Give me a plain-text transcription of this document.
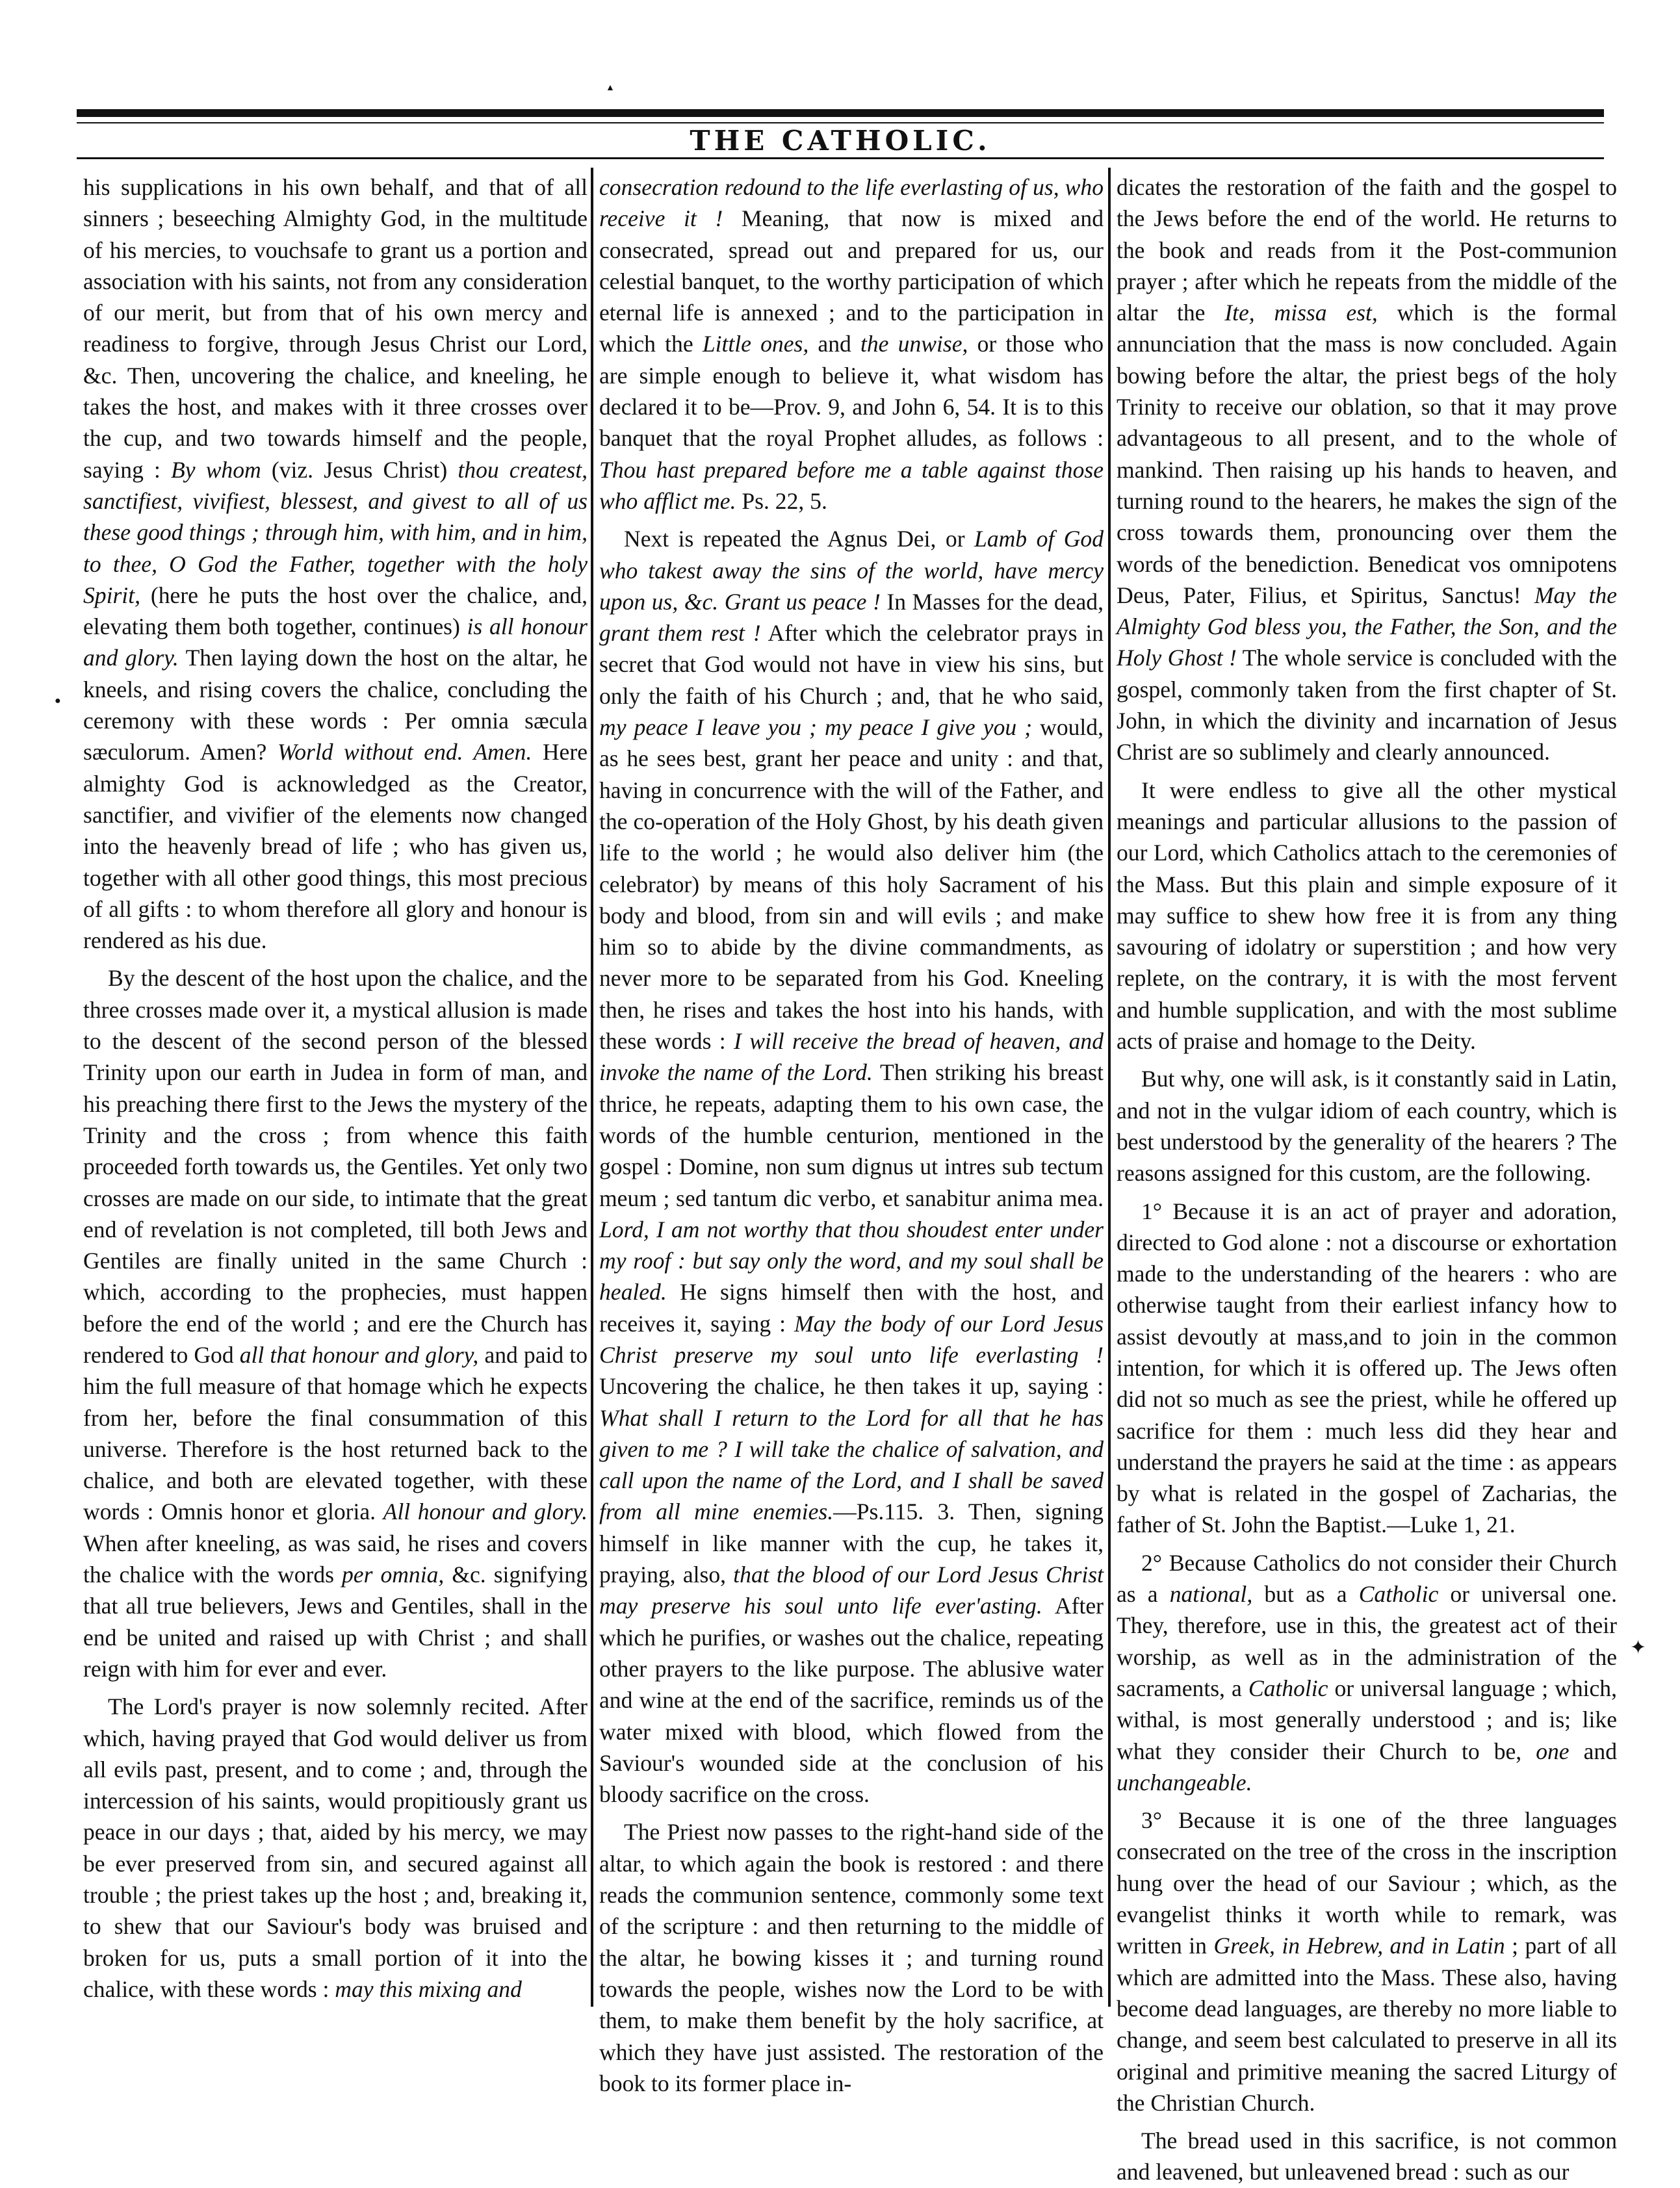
THE CATHOLIC.

his supplications in his own behalf, and that of all sinners ; beseeching Almighty God, in the multitude of his mercies, to vouchsafe to grant us a portion and association with his saints, not from any consideration of our merit, but from that of his own mercy and readiness to forgive, through Jesus Christ our Lord, &c. Then, uncovering the chalice, and kneeling, he takes the host, and makes with it three crosses over the cup, and two towards himself and the people, saying : By whom (viz. Jesus Christ) thou createst, sanctifiest, vivifiest, blessest, and givest to all of us these good things ; through him, with him, and in him, to thee, O God the Father, together with the holy Spirit, (here he puts the host over the chalice, and, elevating them both together, continues) is all honour and glory. Then laying down the host on the altar, he kneels, and rising covers the chalice, concluding the ceremony with these words : Per omnia sæcula sæculorum. Amen? World without end. Amen. Here almighty God is acknowledged as the Creator, sanctifier, and vivifier of the elements now changed into the heavenly bread of life ; who has given us, together with all other good things, this most precious of all gifts : to whom therefore all glory and honour is rendered as his due.

By the descent of the host upon the chalice, and the three crosses made over it, a mystical allusion is made to the descent of the second person of the blessed Trinity upon our earth in Judea in form of man, and his preaching there first to the Jews the mystery of the Trinity and the cross ; from whence this faith proceeded forth towards us, the Gentiles. Yet only two crosses are made on our side, to intimate that the great end of revelation is not completed, till both Jews and Gentiles are finally united in the same Church : which, according to the prophecies, must happen before the end of the world ; and ere the Church has rendered to God all that honour and glory, and paid to him the full measure of that homage which he expects from her, before the final consummation of this universe. Therefore is the host returned back to the chalice, and both are elevated together, with these words : Omnis honor et gloria. All honour and glory. When after kneeling, as was said, he rises and covers the chalice with the words per omnia, &c. signifying that all true believers, Jews and Gentiles, shall in the end be united and raised up with Christ ; and shall reign with him for ever and ever.

The Lord's prayer is now solemnly recited. After which, having prayed that God would deliver us from all evils past, present, and to come ; and, through the intercession of his saints, would propitiously grant us peace in our days ; that, aided by his mercy, we may be ever preserved from sin, and secured against all trouble ; the priest takes up the host ; and, breaking it, to shew that our Saviour's body was bruised and broken for us, puts a small portion of it into the chalice, with these words : may this mixing and

consecration redound to the life everlasting of us, who receive it ! Meaning, that now is mixed and consecrated, spread out and prepared for us, our celestial banquet, to the worthy participation of which eternal life is annexed ; and to the participation in which the Little ones, and the unwise, or those who are simple enough to believe it, what wisdom has declared it to be—Prov. 9, and John 6, 54. It is to this banquet that the royal Prophet alludes, as follows : Thou hast prepared before me a table against those who afflict me. Ps. 22, 5.

Next is repeated the Agnus Dei, or Lamb of God who takest away the sins of the world, have mercy upon us, &c. Grant us peace ! In Masses for the dead, grant them rest ! After which the celebrator prays in secret that God would not have in view his sins, but only the faith of his Church ; and, that he who said, my peace I leave you ; my peace I give you ; would, as he sees best, grant her peace and unity : and that, having in concurrence with the will of the Father, and the co-operation of the Holy Ghost, by his death given life to the world ; he would also deliver him (the celebrator) by means of this holy Sacrament of his body and blood, from sin and will evils ; and make him so to abide by the divine commandments, as never more to be separated from his God. Kneeling then, he rises and takes the host into his hands, with these words : I will receive the bread of heaven, and invoke the name of the Lord. Then striking his breast thrice, he repeats, adapting them to his own case, the words of the humble centurion, mentioned in the gospel : Domine, non sum dignus ut intres sub tectum meum ; sed tantum dic verbo, et sanabitur anima mea. Lord, I am not worthy that thou shoudest enter under my roof : but say only the word, and my soul shall be healed. He signs himself then with the host, and receives it, saying : May the body of our Lord Jesus Christ preserve my soul unto life everlasting ! Uncovering the chalice, he then takes it up, saying : What shall I return to the Lord for all that he has given to me ? I will take the chalice of salvation, and call upon the name of the Lord, and I shall be saved from all mine enemies.—Ps.115. 3. Then, signing himself in like manner with the cup, he takes it, praying, also, that the blood of our Lord Jesus Christ may preserve his soul unto life ever'asting. After which he purifies, or washes out the chalice, repeating other prayers to the like purpose. The ablusive water and wine at the end of the sacrifice, reminds us of the water mixed with blood, which flowed from the Saviour's wounded side at the conclusion of his bloody sacrifice on the cross.

The Priest now passes to the right-hand side of the altar, to which again the book is restored : and there reads the communion sentence, commonly some text of the scripture : and then returning to the middle of the altar, he bowing kisses it ; and turning round towards the people, wishes now the Lord to be with them, to make them benefit by the holy sacrifice, at which they have just assisted. The restoration of the book to its former place in-

dicates the restoration of the faith and the gospel to the Jews before the end of the world. He returns to the book and reads from it the Post-communion prayer ; after which he repeats from the middle of the altar the Ite, missa est, which is the formal annunciation that the mass is now concluded. Again bowing before the altar, the priest begs of the holy Trinity to receive our oblation, so that it may prove advantageous to all present, and to the whole of mankind. Then raising up his hands to heaven, and turning round to the hearers, he makes the sign of the cross towards them, pronouncing over them the words of the benediction. Benedicat vos omnipotens Deus, Pater, Filius, et Spiritus, Sanctus! May the Almighty God bless you, the Father, the Son, and the Holy Ghost ! The whole service is concluded with the gospel, commonly taken from the first chapter of St. John, in which the divinity and incarnation of Jesus Christ are so sublimely and clearly announced.

It were endless to give all the other mystical meanings and particular allusions to the passion of our Lord, which Catholics attach to the ceremonies of the Mass. But this plain and simple exposure of it may suffice to shew how free it is from any thing savouring of idolatry or superstition ; and how very replete, on the contrary, it is with the most fervent and humble supplication, and with the most sublime acts of praise and homage to the Deity.

But why, one will ask, is it constantly said in Latin, and not in the vulgar idiom of each country, which is best understood by the generality of the hearers ? The reasons assigned for this custom, are the following.

1° Because it is an act of prayer and adoration, directed to God alone : not a discourse or exhortation made to the understanding of the hearers : who are otherwise taught from their earliest infancy how to assist devoutly at mass,and to join in the common intention, for which it is offered up. The Jews often did not so much as see the priest, while he offered up sacrifice for them : much less did they hear and understand the prayers he said at the time : as appears by what is related in the gospel of Zacharias, the father of St. John the Baptist.—Luke 1, 21.

2° Because Catholics do not consider their Church as a national, but as a Catholic or universal one. They, therefore, use in this, the greatest act of their worship, as well as in the administration of the sacraments, a Catholic or universal language ; which, withal, is most generally understood ; and is; like what they consider their Church to be, one and unchangeable.

3° Because it is one of the three languages consecrated on the tree of the cross in the inscription hung over the head of our Saviour ; which, as the evangelist thinks it worth while to remark, was written in Greek, in Hebrew, and in Latin ; part of all which are admitted into the Mass. These also, having become dead languages, are thereby no more liable to change, and seem best calculated to preserve in all its original and primitive meaning the sacred Liturgy of the Christian Church.

The bread used in this sacrifice, is not common and leavened, but unleavened bread : such as our

▲
●
✦
